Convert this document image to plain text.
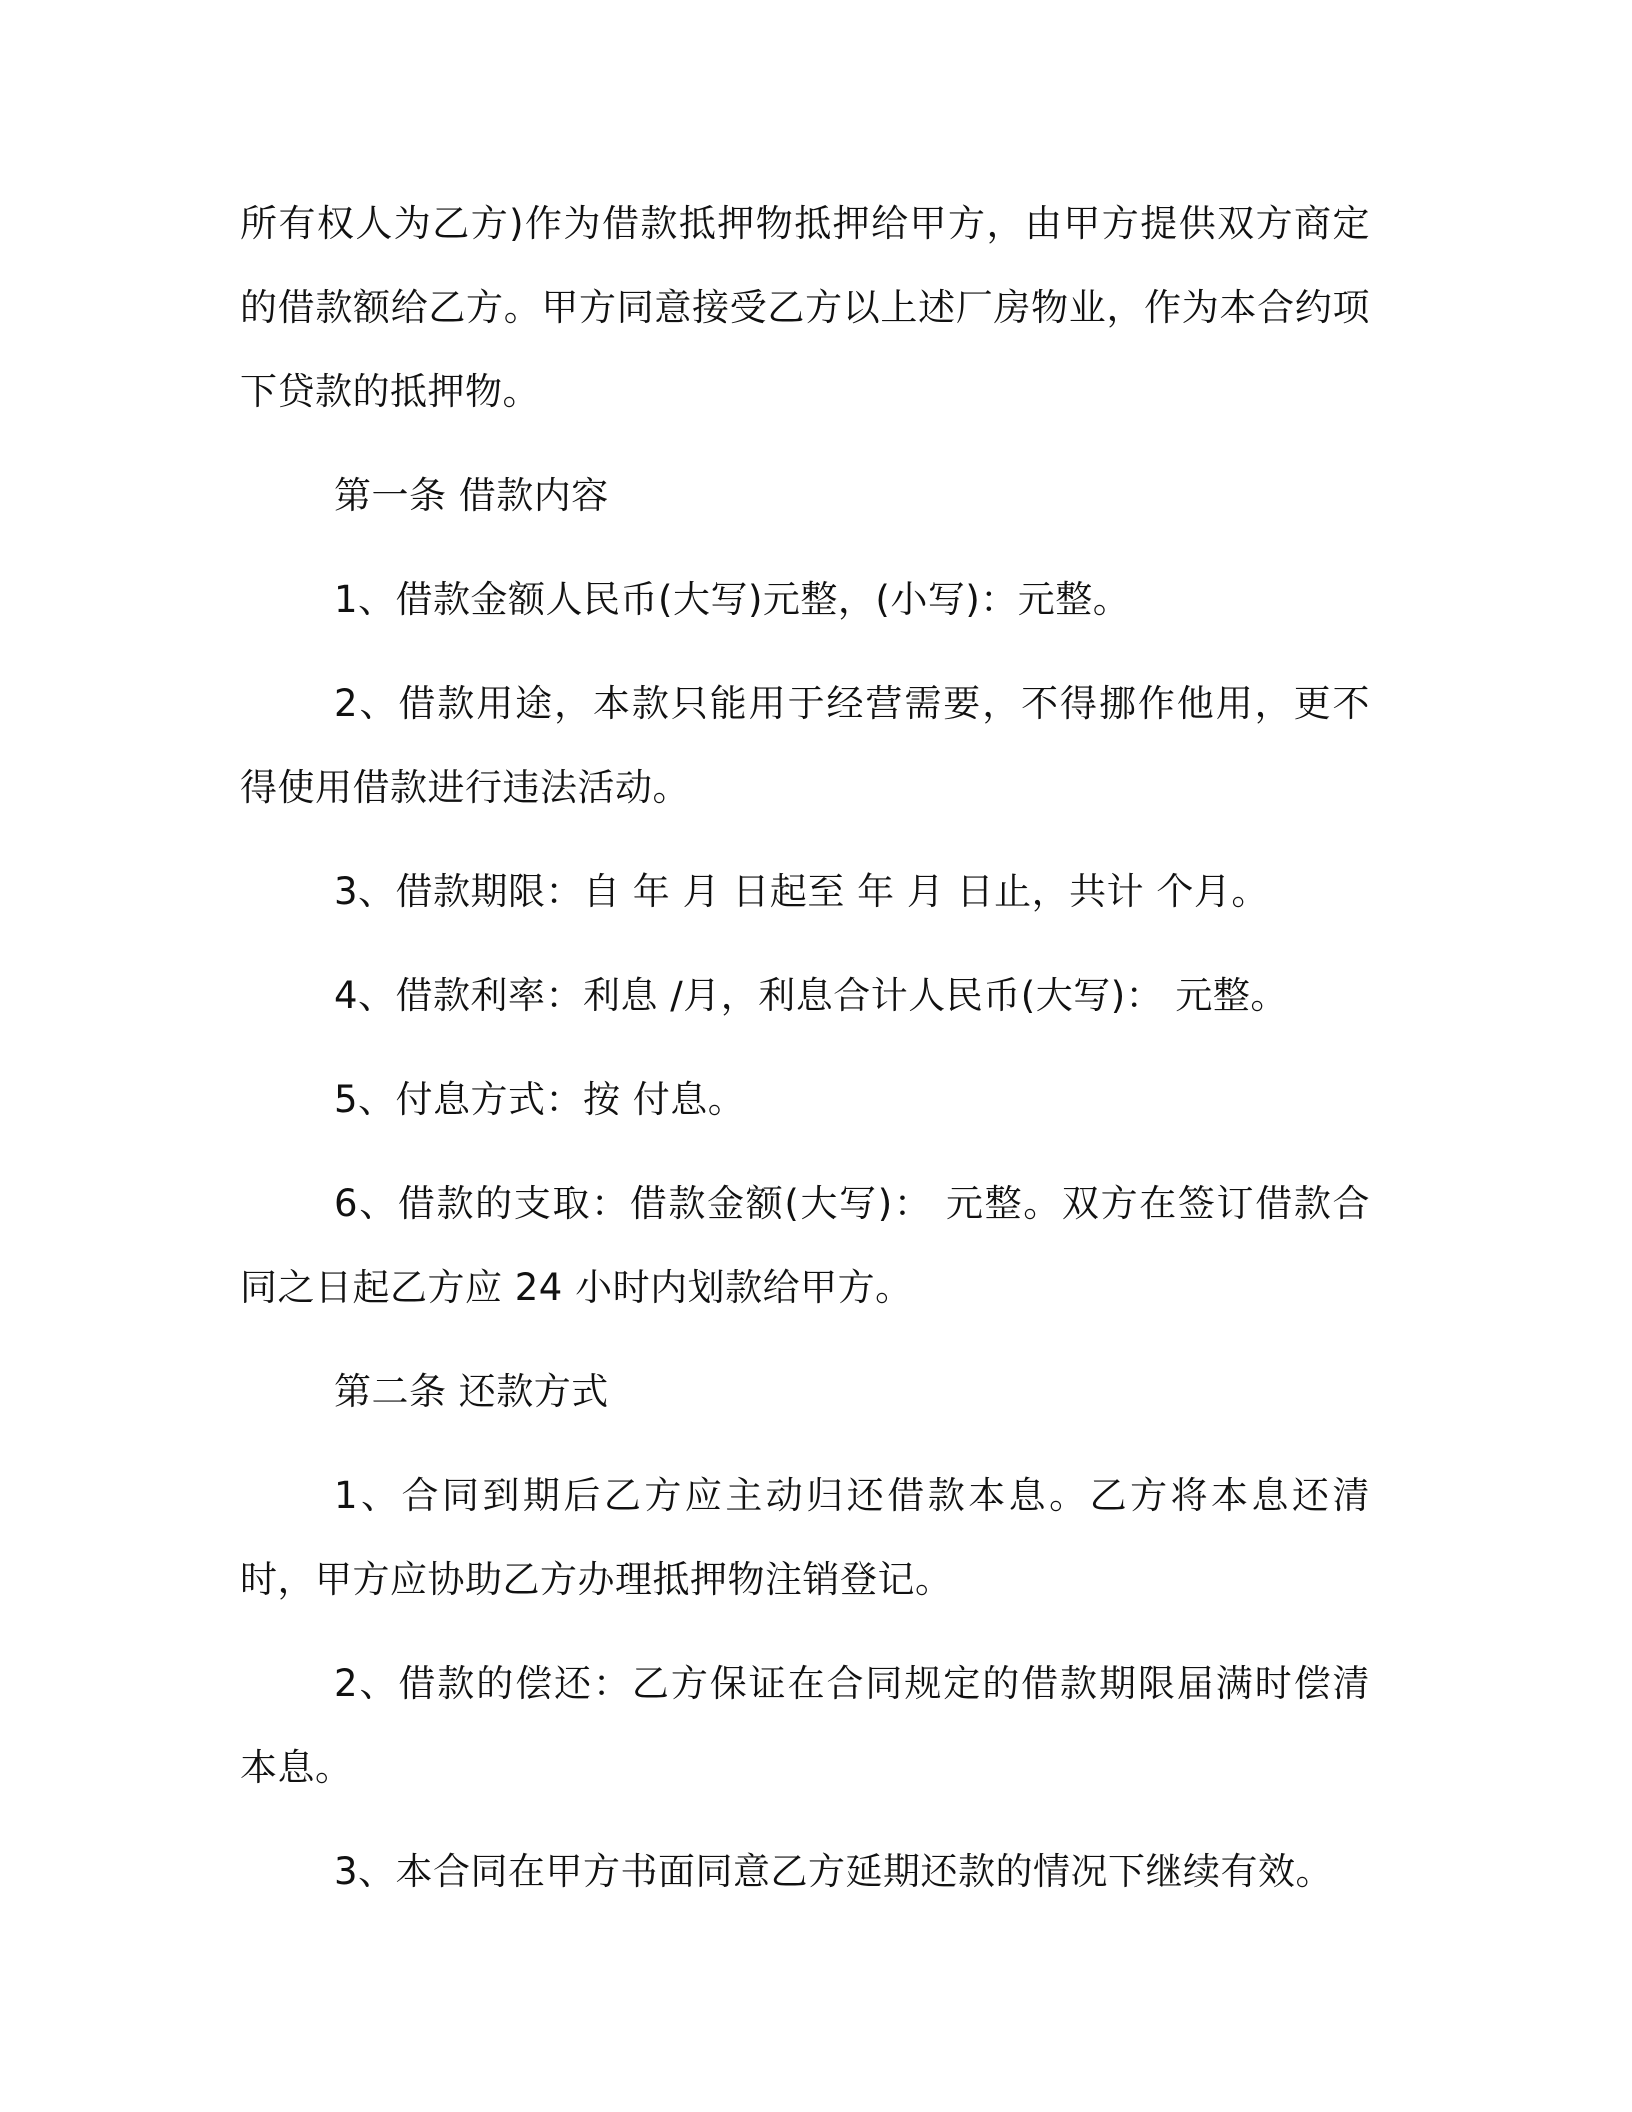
所有权人为乙方)作为借款抵押物抵押给甲方，由甲方提供双方商定的借款额给乙方。甲方同意接受乙方以上述厂房物业，作为本合约项下贷款的抵押物。

第一条 借款内容

1、借款金额人民币(大写)元整，(小写)：元整。

2、借款用途，本款只能用于经营需要，不得挪作他用，更不得使用借款进行违法活动。

3、借款期限：自 年 月 日起至 年 月 日止，共计 个月。

4、借款利率：利息 /月，利息合计人民币(大写)： 元整。

5、付息方式：按 付息。

6、借款的支取：借款金额(大写)： 元整。双方在签订借款合同之日起乙方应 24 小时内划款给甲方。

第二条 还款方式

1、合同到期后乙方应主动归还借款本息。乙方将本息还清时，甲方应协助乙方办理抵押物注销登记。

2、借款的偿还：乙方保证在合同规定的借款期限届满时偿清本息。

3、本合同在甲方书面同意乙方延期还款的情况下继续有效。
